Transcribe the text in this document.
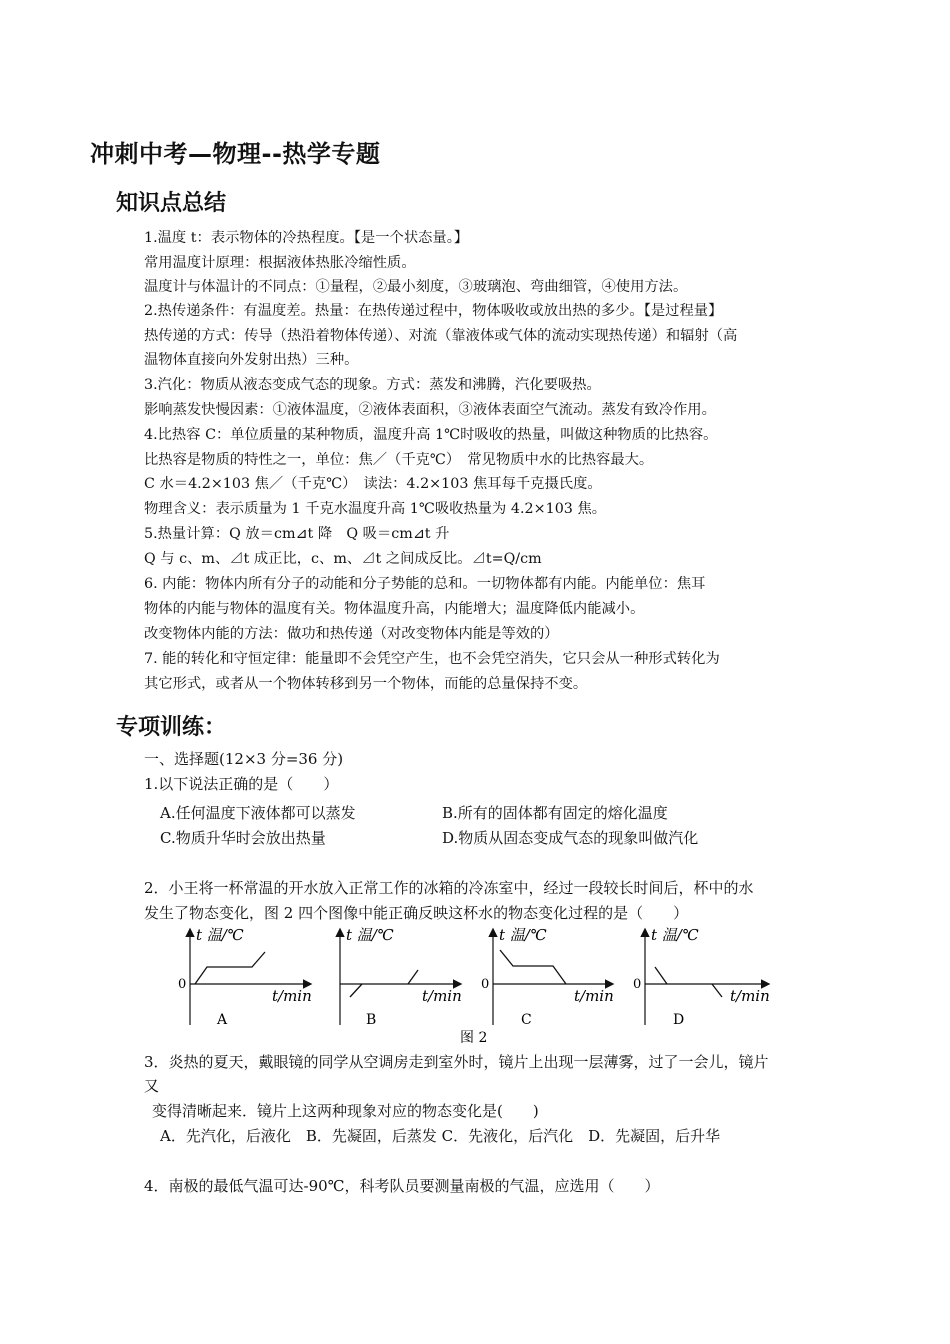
冲刺中考—物理--热学专题
知识点总结
1.温度 t：表示物体的冷热程度。【是一个状态量。】
常用温度计原理：根据液体热胀冷缩性质。
温度计与体温计的不同点：①量程，②最小刻度，③玻璃泡、弯曲细管，④使用方法。
2.热传递条件：有温度差。热量：在热传递过程中，物体吸收或放出热的多少。【是过程量】
热传递的方式：传导（热沿着物体传递）、对流（靠液体或气体的流动实现热传递）和辐射（高
温物体直接向外发射出热）三种。
3.汽化：物质从液态变成气态的现象。方式：蒸发和沸腾，汽化要吸热。
影响蒸发快慢因素：①液体温度，②液体表面积，③液体表面空气流动。蒸发有致冷作用。
4.比热容 C：单位质量的某种物质，温度升高 1℃时吸收的热量，叫做这种物质的比热容。
比热容是物质的特性之一，单位：焦／（千克℃）　常见物质中水的比热容最大。
C 水＝4.2×103 焦／（千克℃）　读法：4.2×103 焦耳每千克摄氏度。
物理含义：表示质量为 1 千克水温度升高 1℃吸收热量为 4.2×103 焦。
5.热量计算：Q 放＝cm⊿t 降　Q 吸＝cm⊿t 升
Q 与 c、m、⊿t 成正比，c、m、⊿t 之间成反比。⊿t=Q/cm
6. 内能：物体内所有分子的动能和分子势能的总和。一切物体都有内能。内能单位：焦耳
物体的内能与物体的温度有关。物体温度升高，内能增大；温度降低内能减小。
改变物体内能的方法：做功和热传递（对改变物体内能是等效的）
7. 能的转化和守恒定律：能量即不会凭空产生，也不会凭空消失，它只会从一种形式转化为
其它形式，或者从一个物体转移到另一个物体，而能的总量保持不变。
专项训练：
一、选择题(12×3 分=36 分)
1.以下说法正确的是（　　）
A.任何温度下液体都可以蒸发	B.所有的固体都有固定的熔化温度
C.物质升华时会放出热量	D.物质从固态变成气态的现象叫做汽化
2．小王将一杯常温的开水放入正常工作的冰箱的冷冻室中，经过一段较长时间后，杯中的水
发生了物态变化，图 2 四个图像中能正确反映这杯水的物态变化过程的是（　　）
t 温/℃
0
t/min
A
t 温/℃
t/min
B
t 温/℃
0
t/min
C
t 温/℃
0
t/min
D
图 2
3．炎热的夏天，戴眼镜的同学从空调房走到室外时，镜片上出现一层薄雾，过了一会儿，镜片
又
变得清晰起来．镜片上这两种现象对应的物态变化是(　　)
A．先汽化，后液化　B．先凝固，后蒸发 C．先液化，后汽化　D．先凝固，后升华
4．南极的最低气温可达-90℃，科考队员要测量南极的气温，应选用（　　）
